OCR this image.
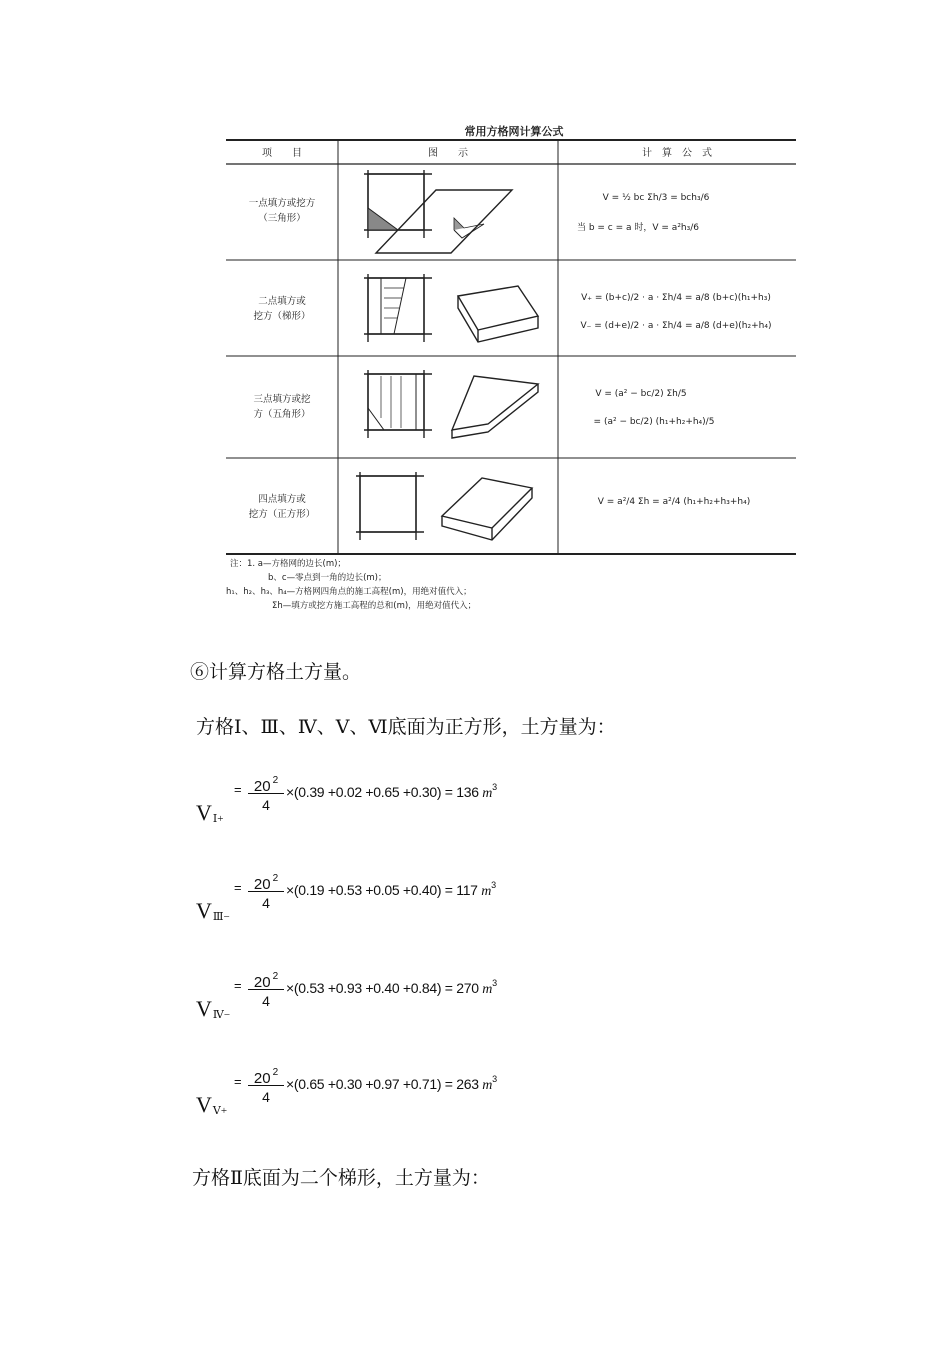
常用方格网计算公式
项　　目	图　　示	计　算　公　式
一点填方或挖方
（三角形）
V = ½ bc Σh/3 = bch₃/6
当 b = c = a 时，V = a²h₃/6
二点填方或
挖方（梯形）
V₊ = (b+c)/2 · a · Σh/4 = a/8 (b+c)(h₁+h₃)
V₋ = (d+e)/2 · a · Σh/4 = a/8 (d+e)(h₂+h₄)
三点填方或挖
方（五角形）
V = (a² − bc/2) Σh/5
= (a² − bc/2) (h₁+h₂+h₄)/5
四点填方或
挖方（正方形）
V = a²/4 Σh = a²/4 (h₁+h₂+h₃+h₄)
注：1. a—方格网的边长(m)；
b、c—零点到一角的边长(m)；
h₁、h₂、h₃、h₄—方格网四角点的施工高程(m)，用绝对值代入；
Σh—填方或挖方施工高程的总和(m)，用绝对值代入；
⑥计算方格土方量。
方格Ⅰ、Ⅲ、Ⅳ、Ⅴ、Ⅵ底面为正方形，土方量为：
$V_{Ⅰ+}$
= 20 $^2$
4
×(0.39 +0.02 +0.65 +0.30) = 136 $m^3$
$V_{Ⅲ-}$
= 20 $^2$
4
×(0.19 +0.53 +0.05 +0.40) = 117 $m^3$
$V_{Ⅳ-}$
= 20 $^2$
4
×(0.53 +0.93 +0.40 +0.84) = 270 $m^3$
$V_{Ⅴ+}$
= 20 $^2$
4
×(0.65 +0.30 +0.97 +0.71) = 263 $m^3$
方格Ⅱ底面为二个梯形，土方量为：
